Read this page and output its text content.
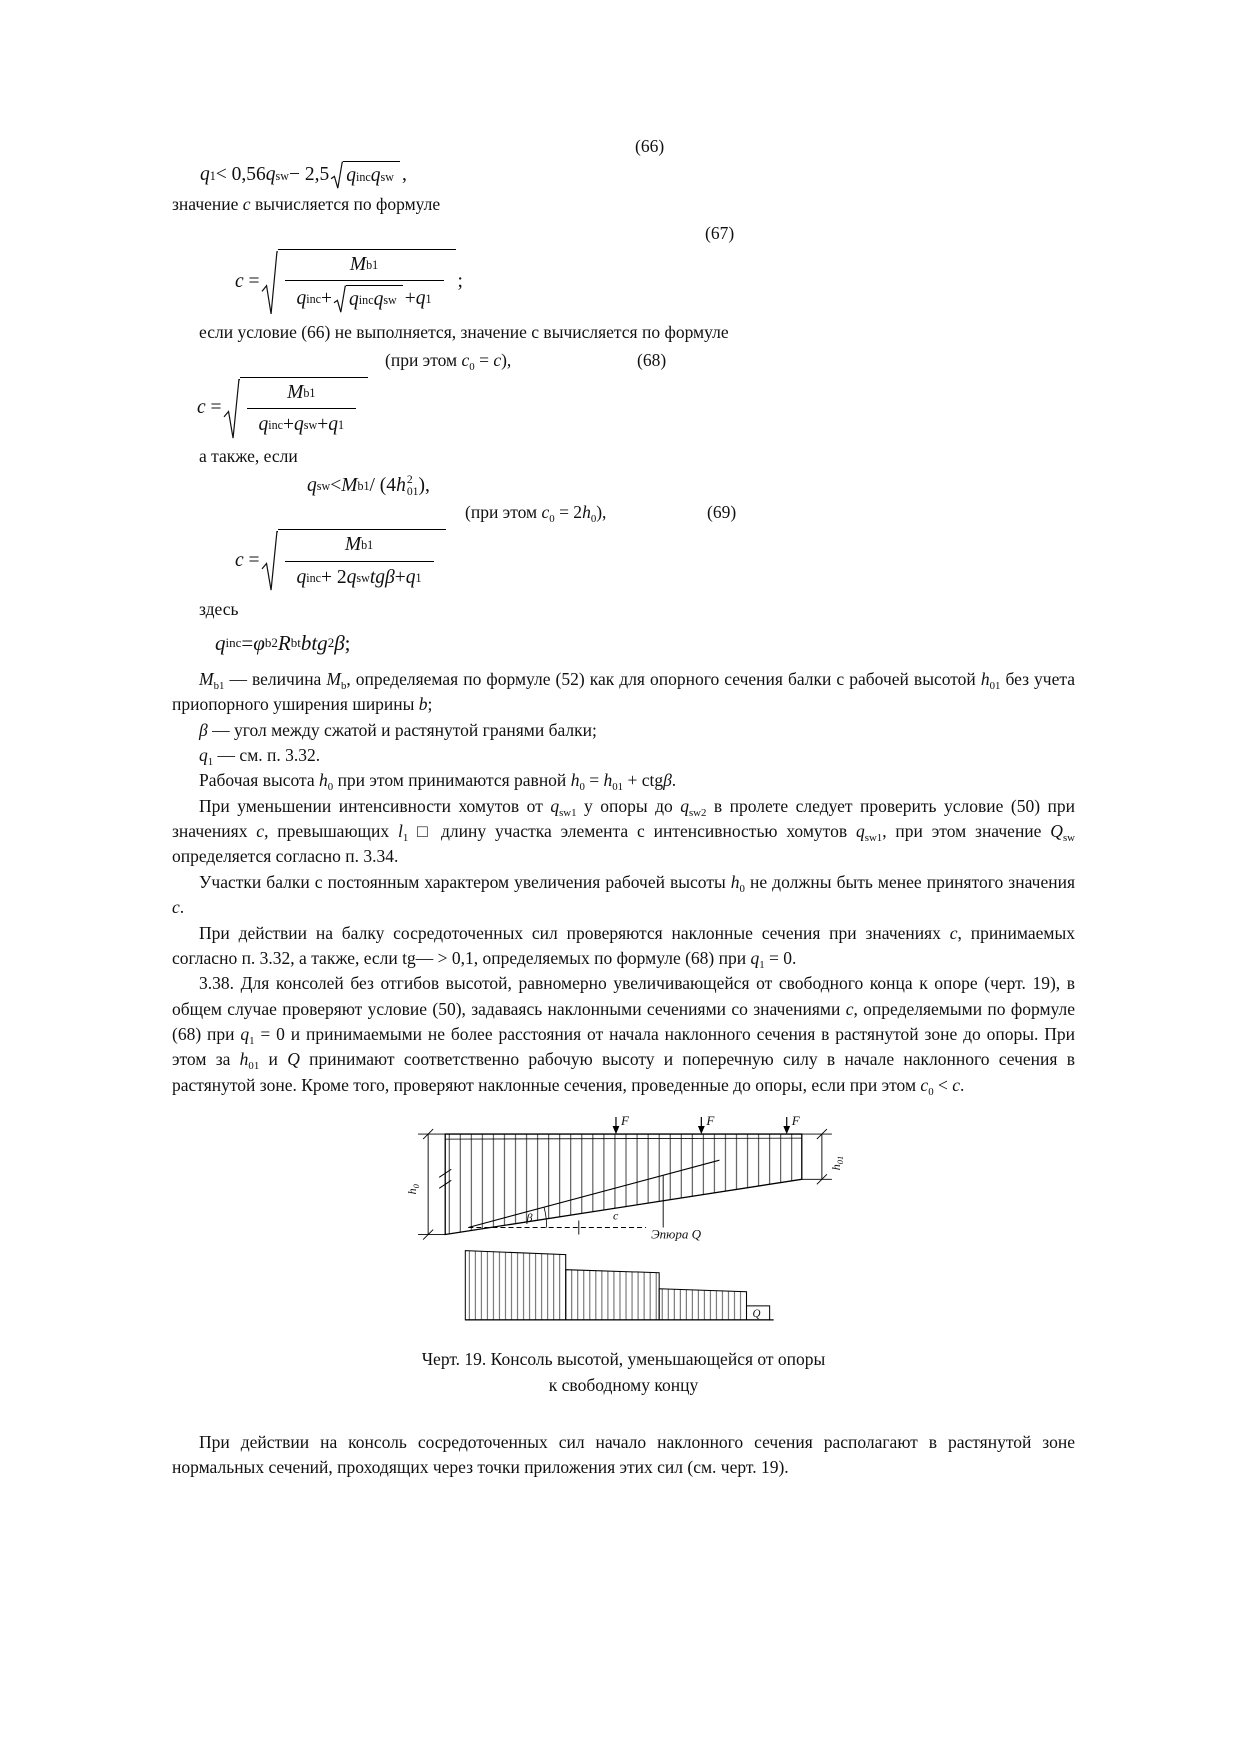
(66)
q 1 < 0,56 q sw − 2,5 q inc q sw ,
значение c вычисляется по формуле
(67)
$c = \frac{\text{M b1}}{\text{q inc + q inc q sw + q 1}}$ ;
если условие (66) не выполняется, значение с вычисляется по формуле
(при этом $c_0 = c$),	(68)
$c = \frac{\text{M b1}}{\text{q inc + q sw + q 1}}$
а также, если
q sw < M b1 / (4 h 2
01 ),
(при этом $c_0 = 2h_0$),	(69)
$c = \frac{\text{M b1}}{\text{q inc + 2 q sw tgβ + q 1}}$
здесь
q inc = φ b2 R bt b tg 2 β ;

$M_{b1}$ — величина $M_b$, определяемая по формуле (52) как для опорного сечения балки с рабочей высотой $h_{01}$ без учета приопорного уширения ширины b;

β — угол между сжатой и растянутой гранями балки;

$q_1$ — см. п. 3.32.

Рабочая высота $h_0$ при этом принимаются равной $h_0 = h_{01} + ctg\beta$.

При уменьшении интенсивности хомутов от $q_{sw1}$ у опоры до $q_{sw2}$ в пролете следует проверить условие (50) при значениях c, превышающих $l_1$ □ длину участка элемента с интенсивностью хомутов $q_{sw1}$, при этом значение $Q_{sw}$ определяется согласно п. 3.34.

Участки балки с постоянным характером увеличения рабочей высоты $h_0$ не должны быть менее принятого значения с.

При действии на балку сосредоточенных сил проверяются наклонные сечения при значениях с, принимаемых согласно п. 3.32, а также, если tg— > 0,1, определяемых по формуле (68) при $q_1 = 0$.

3.38. Для консолей без отгибов высотой, равномерно увеличивающейся от свободного конца к опоре (черт. 19), в общем случае проверяют условие (50), задаваясь наклонными сечениями со значениями с, определяемыми по формуле (68) при $q_1 = 0$ и принимаемыми не более расстояния от начала наклонного сечения в растянутой зоне до опоры. При этом за $h_{01}$ и Q принимают соответственно рабочую высоту и поперечную силу в начале наклонного сечения в растянутой зоне. Кроме того, проверяют наклонные сечения, проведенные до опоры, если при этом $c_0 < c$.

β	c
F	F	F
$h_0$
$h_{01}$
Эпюра Q
Q
Черт. 19. Консоль высотой, уменьшающейся от опоры
к свободному концу

При действии на консоль сосредоточенных сил начало наклонного сечения располагают в растянутой зоне нормальных сечений, проходящих через точки приложения этих сил (см. черт. 19).
